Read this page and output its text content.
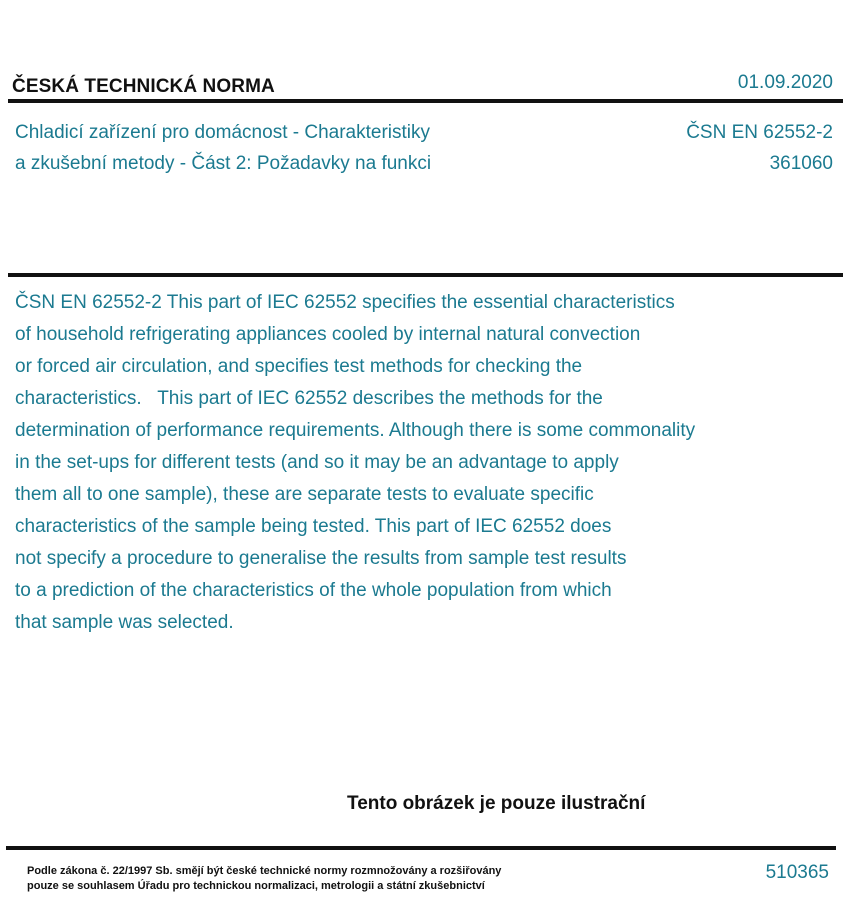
ČESKÁ TECHNICKÁ NORMA	01.09.2020
Chladicí zařízení pro domácnost - Charakteristiky
a zkušební metody - Část 2: Požadavky na funkci
ČSN EN 62552-2
361060
ČSN EN 62552-2 This part of IEC 62552 specifies the essential characteristics
of household refrigerating appliances cooled by internal natural convection
or forced air circulation, and specifies test methods for checking the
characteristics.   This part of IEC 62552 describes the methods for the
determination of performance requirements. Although there is some commonality
in the set-ups for different tests (and so it may be an advantage to apply
them all to one sample), these are separate tests to evaluate specific
characteristics of the sample being tested. This part of IEC 62552 does
not specify a procedure to generalise the results from sample test results
to a prediction of the characteristics of the whole population from which
that sample was selected.
Tento obrázek je pouze ilustrační
Podle zákona č. 22/1997 Sb. smějí být české technické normy rozmnožovány a rozšiřovány
pouze se souhlasem Úřadu pro technickou normalizaci, metrologii a státní zkušebnictví
510365
